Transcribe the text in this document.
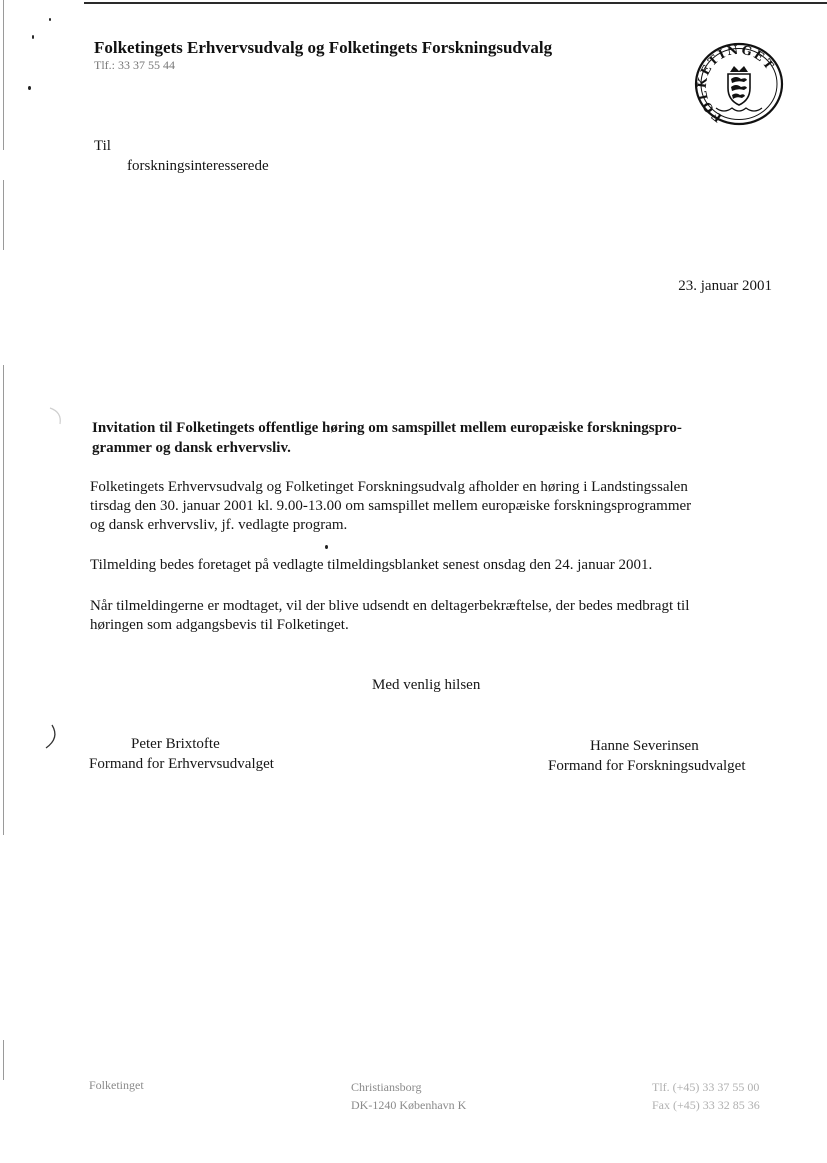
Folketingets Erhvervsudvalg og Folketingets Forskningsudvalg
Tlf.: 33 37 55 44
FOLKETINGET
Til
forskningsinteresserede
23. januar 2001

Invitation til Folketingets offentlige høring om samspillet mellem europæiske forskningspro-

grammer og dansk erhvervsliv.

Folketingets Erhvervsudvalg og Folketinget Forskningsudvalg afholder en høring i Landstingssalen

tirsdag den 30. januar 2001 kl. 9.00-13.00 om samspillet mellem europæiske forskningsprogrammer

og dansk erhvervsliv, jf. vedlagte program.

Tilmelding bedes foretaget på vedlagte tilmeldingsblanket senest onsdag den 24. januar 2001.

Når tilmeldingerne er modtaget, vil der blive udsendt en deltagerbekræftelse, der bedes medbragt til

høringen som adgangsbevis til Folketinget.

Med venlig hilsen
Peter Brixtofte
Formand for Erhvervsudvalget
Hanne Severinsen
Formand for Forskningsudvalget
Folketinget	Christiansborg

DK-1240 København K

Tlf. (+45) 33 37 55 00

Fax (+45) 33 32 85 36
